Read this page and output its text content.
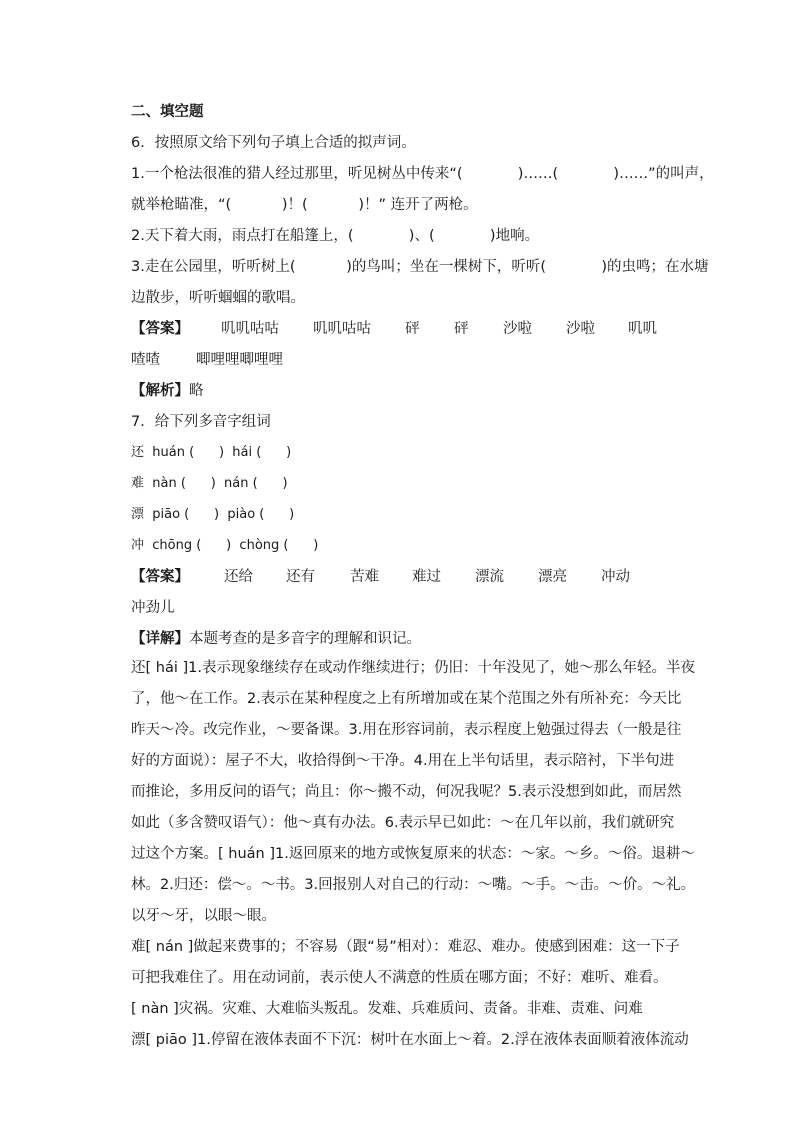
二、填空题
6．按照原文给下列句子填上合适的拟声词。
1.一个枪法很准的猎人经过那里，听见树丛中传来“(            )……(            )……”的叫声，
就举枪瞄准，“(           )！(           )！” 连开了两枪。
2.天下着大雨，雨点打在船篷上，(            )、(            )地响。
3.走在公园里，听听树上(           )的鸟叫；坐在一棵树下，听听(            )的虫鸣；在水塘
边散步，听听蝈蝈的歌唱。
【答案】 叽叽咕咕 叽叽咕咕 砰 砰 沙啦 沙啦 叽叽
喳喳 唧哩哩唧哩哩
【解析】略
7．给下列多音字组词
还  huán (      )  hái (      )
难  nàn (      )  nán (      )
漂  piāo (      )  piào (      )
冲  chōng (      )  chòng (      )
【答案】 还给 还有 苦难 难过 漂流 漂亮 冲动
冲劲儿
【详解】本题考查的是多音字的理解和识记。
还[ hái ]1.表示现象继续存在或动作继续进行；仍旧：十年没见了，她～那么年轻。半夜
了，他～在工作。2.表示在某种程度之上有所增加或在某个范围之外有所补充：今天比
昨天～冷。改完作业，～要备课。3.用在形容词前，表示程度上勉强过得去（一般是往
好的方面说）：屋子不大，收拾得倒～干净。4.用在上半句话里，表示陪衬，下半句进
而推论，多用反问的语气；尚且：你～搬不动，何况我呢？5.表示没想到如此，而居然
如此（多含赞叹语气）：他～真有办法。6.表示早已如此：～在几年以前，我们就研究
过这个方案。[ huán ]1.返回原来的地方或恢复原来的状态：～家。～乡。～俗。退耕～
林。2.归还：偿～。～书。3.回报别人对自己的行动：～嘴。～手。～击。～价。～礼。
以牙～牙，以眼～眼。
难[ nán ]做起来费事的；不容易（跟“易”相对）：难忍、难办。使感到困难：这一下子
可把我难住了。用在动词前，表示使人不满意的性质在哪方面；不好：难听、难看。
[ nàn ]灾祸。灾难、大难临头叛乱。发难、兵难质问、责备。非难、责难、问难
漂[ piāo ]1.停留在液体表面不下沉：树叶在水面上～着。2.浮在液体表面顺着液体流动
